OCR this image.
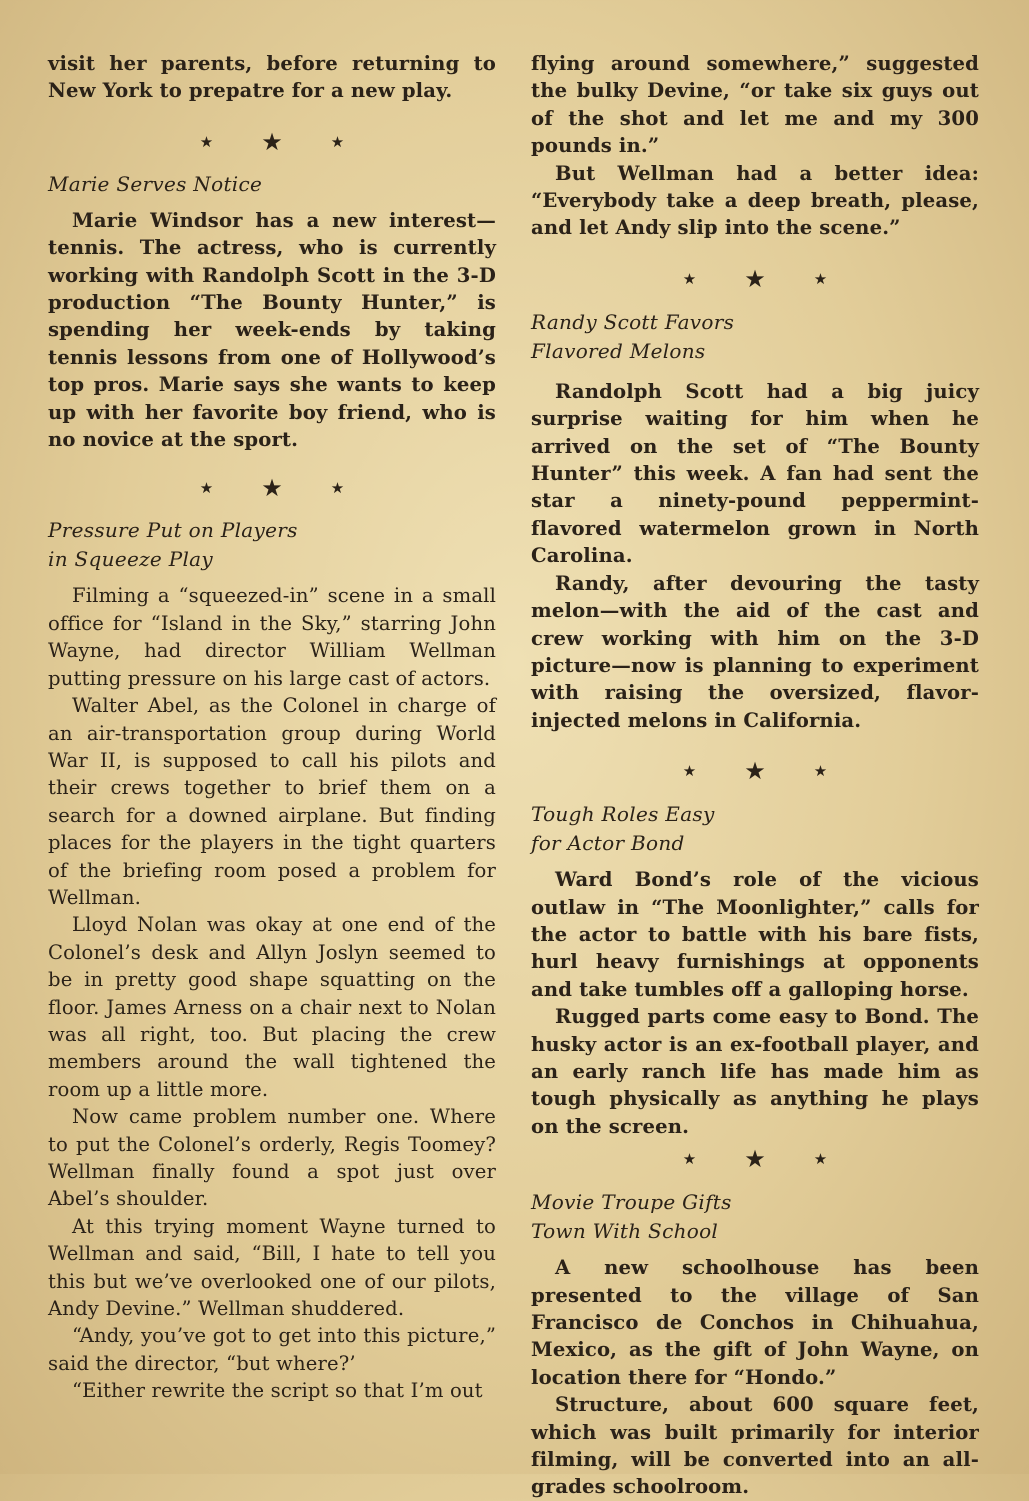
visit her parents, before returning to New York to prepatre for a new play.

★ ★	★
Marie Serves Notice

Marie Windsor has a new interest—tennis. The actress, who is currently working with Randolph Scott in the 3-D production “The Bounty Hunter,” is spending her week-ends by taking tennis lessons from one of Hollywood’s top pros. Marie says she wants to keep up with her favorite boy friend, who is no novice at the sport.

★ ★	★
Pressure Put on Players
in Squeeze Play

Filming a “squeezed-in” scene in a small office for “Island in the Sky,” starring John Wayne, had director William Wellman putting pressure on his large cast of actors.

Walter Abel, as the Colonel in charge of an air-transportation group during World War II, is supposed to call his pilots and their crews together to brief them on a search for a downed airplane. But finding places for the players in the tight quarters of the briefing room posed a problem for Wellman.

Lloyd Nolan was okay at one end of the Colonel’s desk and Allyn Joslyn seemed to be in pretty good shape squatting on the floor. James Arness on a chair next to Nolan was all right, too. But placing the crew members around the wall tightened the room up a little more.

Now came problem number one. Where to put the Colonel’s orderly, Regis Toomey? Wellman finally found a spot just over Abel’s shoulder.

At this trying moment Wayne turned to Wellman and said, “Bill, I hate to tell you this but we’ve overlooked one of our pilots, Andy Devine.” Wellman shuddered.

“Andy, you’ve got to get into this picture,” said the director, “but where?’

“Either rewrite the script so that I’m out

flying around somewhere,” suggested the bulky Devine, “or take six guys out of the shot and let me and my 300 pounds in.”

But Wellman had a better idea: “Everybody take a deep breath, please, and let Andy slip into the scene.”

★ ★	★
Randy Scott Favors
Flavored Melons

Randolph Scott had a big juicy surprise waiting for him when he arrived on the set of “The Bounty Hunter” this week. A fan had sent the star a ninety-pound peppermint-flavored watermelon grown in North Carolina.

Randy, after devouring the tasty melon—with the aid of the cast and crew working with him on the 3-D picture—now is planning to experiment with raising the oversized, flavor-injected melons in California.

★ ★	★
Tough Roles Easy
for Actor Bond

Ward Bond’s role of the vicious outlaw in “The Moonlighter,” calls for the actor to battle with his bare fists, hurl heavy furnishings at opponents and take tumbles off a galloping horse.

Rugged parts come easy to Bond. The husky actor is an ex-football player, and an early ranch life has made him as tough physically as anything he plays on the screen.

★ ★	★
Movie Troupe Gifts
Town With School

A new schoolhouse has been presented to the village of San Francisco de Conchos in Chihuahua, Mexico, as the gift of John Wayne, on location there for “Hondo.”

Structure, about 600 square feet, which was built primarily for interior filming, will be converted into an all-grades schoolroom.
